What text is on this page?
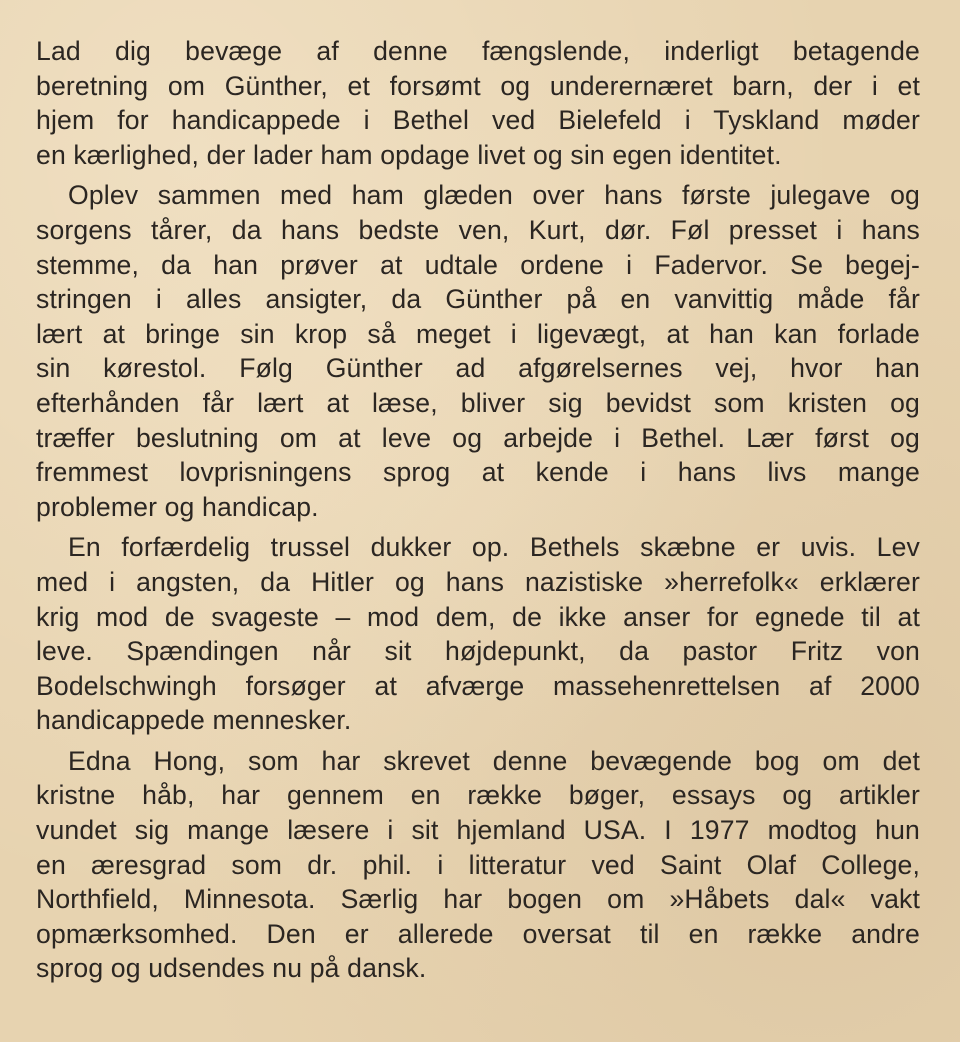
Lad dig bevæge af denne fængslende, inderligt betagende
beretning om Günther, et forsømt og underernæret barn, der i et
hjem for handicappede i Bethel ved Bielefeld i Tyskland møder
en kærlighed, der lader ham opdage livet og sin egen identitet.
Oplev sammen med ham glæden over hans første julegave og
sorgens tårer, da hans bedste ven, Kurt, dør. Føl presset i hans
stemme, da han prøver at udtale ordene i Fadervor. Se begej-
stringen i alles ansigter, da Günther på en vanvittig måde får
lært at bringe sin krop så meget i ligevægt, at han kan forlade
sin kørestol. Følg Günther ad afgørelsernes vej, hvor han
efterhånden får lært at læse, bliver sig bevidst som kristen og
træffer beslutning om at leve og arbejde i Bethel. Lær først og
fremmest lovprisningens sprog at kende i hans livs mange
problemer og handicap.
En forfærdelig trussel dukker op. Bethels skæbne er uvis. Lev
med i angsten, da Hitler og hans nazistiske »herrefolk« erklærer
krig mod de svageste – mod dem, de ikke anser for egnede til at
leve. Spændingen når sit højdepunkt, da pastor Fritz von
Bodelschwingh forsøger at afværge massehenrettelsen af 2000
handicappede mennesker.
Edna Hong, som har skrevet denne bevægende bog om det
kristne håb, har gennem en række bøger, essays og artikler
vundet sig mange læsere i sit hjemland USA. I 1977 modtog hun
en æresgrad som dr. phil. i litteratur ved Saint Olaf College,
Northfield, Minnesota. Særlig har bogen om »Håbets dal« vakt
opmærksomhed. Den er allerede oversat til en række andre
sprog og udsendes nu på dansk.
